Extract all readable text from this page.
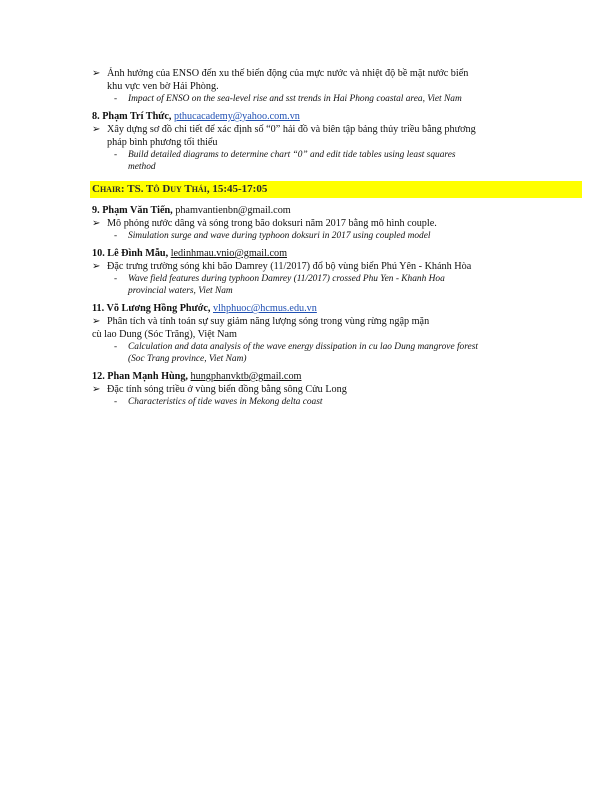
➢ Ảnh hưởng của ENSO đến xu thế biến động của mực nước và nhiệt độ bề mặt nước biển
khu vực ven bờ Hải Phòng.
- Impact of ENSO on the sea-level rise and sst trends in Hai Phong coastal area, Viet Nam
8. Phạm Trí Thức, pthucacademy@yahoo.com.vn
➢ Xây dựng sơ đồ chi tiết để xác định số “0” hải đồ và biên tập bảng thủy triều bằng phương
pháp bình phương tối thiểu
- Build detailed diagrams to determine chart “0” and edit tide tables using least squares
method
Chair: TS. Tô Duy Thái, 15:45-17:05
9. Phạm Văn Tiến, phamvantienbn@gmail.com
➢ Mô phỏng nước dâng và sóng trong bão doksuri năm 2017 bằng mô hình couple.
- Simulation surge and wave during typhoon doksuri in 2017 using coupled model
10. Lê Đình Mẫu, ledinhmau.vnio@gmail.com
➢ Đặc trưng trường sóng khi bão Damrey (11/2017) đổ bộ vùng biển Phú Yên - Khánh Hòa
- Wave field features during typhoon Damrey (11/2017) crossed Phu Yen - Khanh Hoa
provincial waters, Viet Nam
11. Võ Lương Hồng Phước, vlhphuoc@hcmus.edu.vn
➢ Phân tích và tính toán sự suy giảm năng lượng sóng trong vùng rừng ngập mặn
cù lao Dung (Sóc Trăng), Việt Nam
- Calculation and data analysis of the wave energy dissipation in cu lao Dung mangrove forest
(Soc Trang province, Viet Nam)
12. Phan Mạnh Hùng, hungphanvktb@gmail.com
➢ Đặc tính sóng triều ở vùng biển đồng bằng sông Cửu Long
- Characteristics of tide waves in Mekong delta coast
